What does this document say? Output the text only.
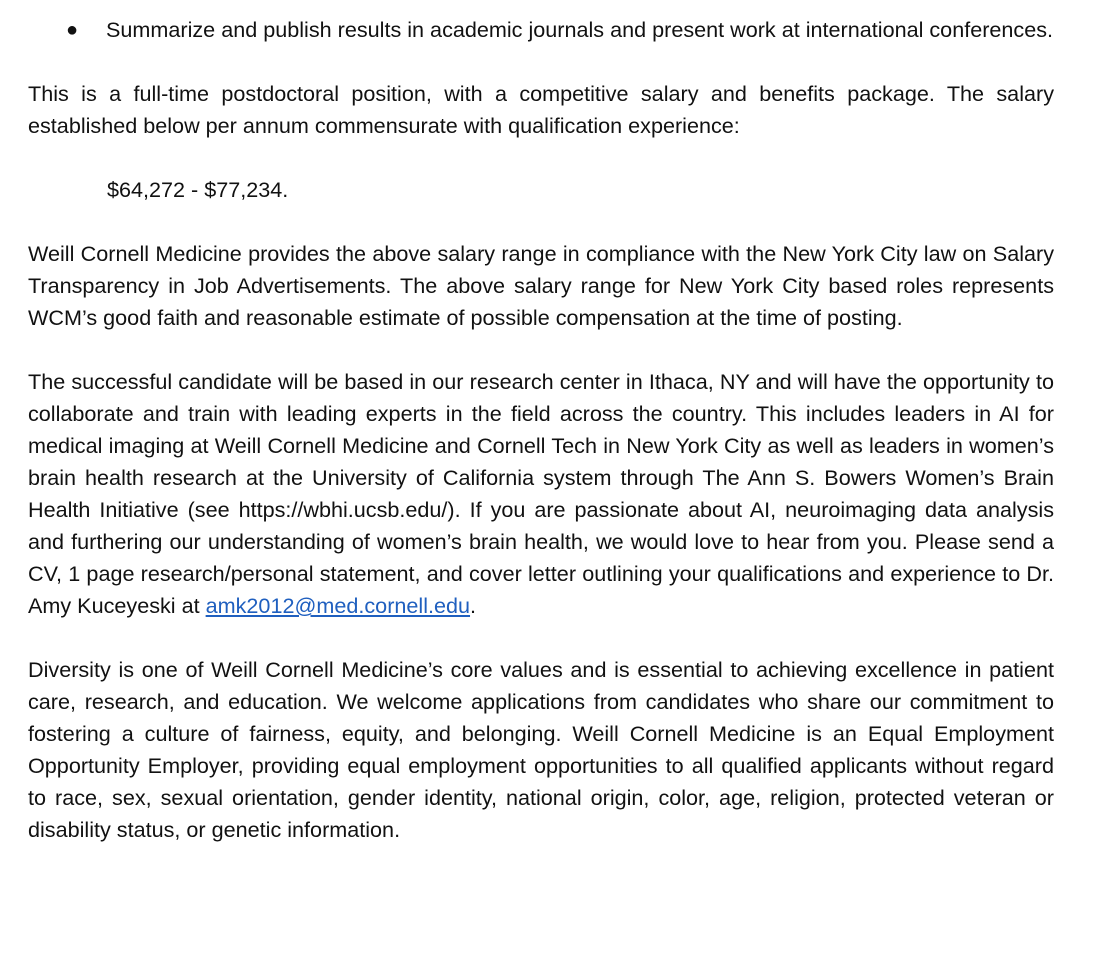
●	Summarize and publish results in academic journals and present work at international conferences.

This is a full-time postdoctoral position, with a competitive salary and benefits package. The salary established below per annum commensurate with qualification experience:

$64,272 - $77,234.

Weill Cornell Medicine provides the above salary range in compliance with the New York City law on Salary Transparency in Job Advertisements. The above salary range for New York City based roles represents WCM’s good faith and reasonable estimate of possible compensation at the time of posting.

The successful candidate will be based in our research center in Ithaca, NY and will have the opportunity to collaborate and train with leading experts in the field across the country. This includes leaders in AI for medical imaging at Weill Cornell Medicine and Cornell Tech in New York City as well as leaders in women’s brain health research at the University of California system through The Ann S. Bowers Women’s Brain Health Initiative (see https://wbhi.ucsb.edu/). If you are passionate about AI, neuroimaging data analysis and furthering our understanding of women’s brain health, we would love to hear from you. Please send a CV, 1 page research/personal statement, and cover letter outlining your qualifications and experience to Dr. Amy Kuceyeski at amk2012@med.cornell.edu.

Diversity is one of Weill Cornell Medicine’s core values and is essential to achieving excellence in patient care, research, and education. We welcome applications from candidates who share our commitment to fostering a culture of fairness, equity, and belonging. Weill Cornell Medicine is an Equal Employment Opportunity Employer, providing equal employment opportunities to all qualified applicants without regard to race, sex, sexual orientation, gender identity, national origin, color, age, religion, protected veteran or disability status, or genetic information.
